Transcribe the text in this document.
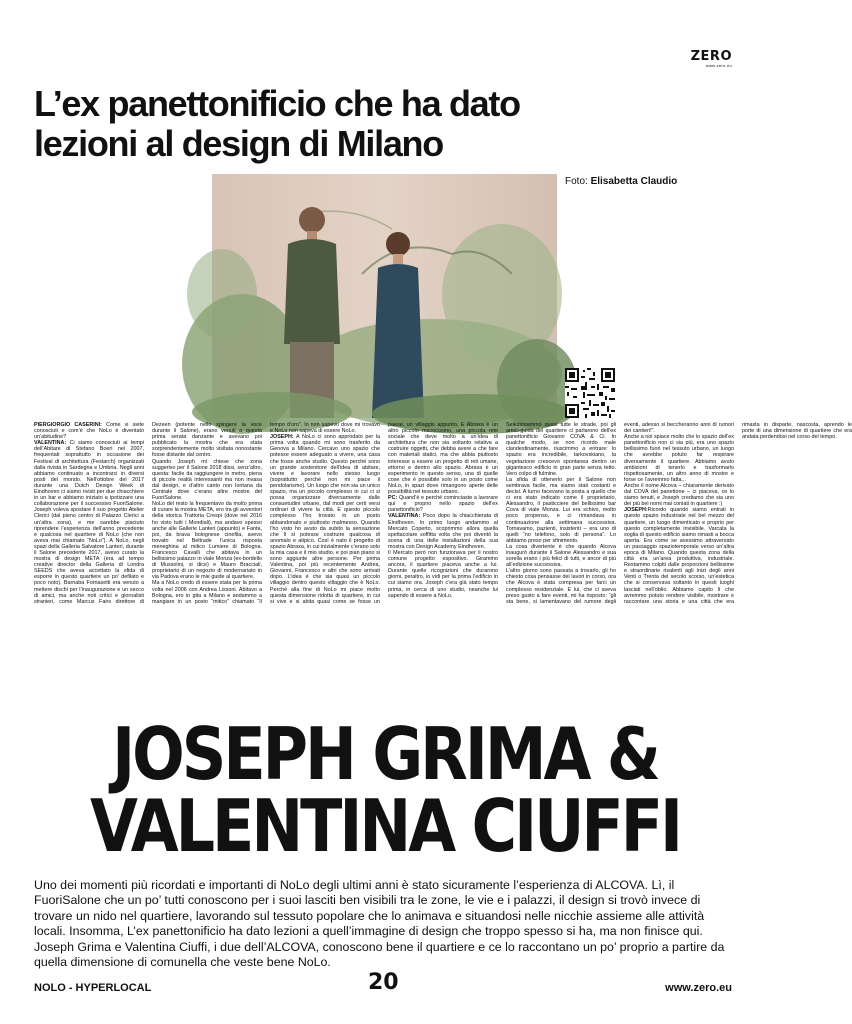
ZERO
www.zero.eu
L’ex panettonificio che ha dato
lezioni al design di Milano
Foto: Elisabetta Claudio

PIERGIORGIO CASERINI: Come vi siete conosciuti e com’è che NoLo è diventato un’abitudine?

VALENTINA: Ci siamo conosciuti ai tempi dell’Abitare di Stefano Boeri nel 2007, frequentati soprattutto in occasione dei Festival di architettura (Festarch) organizzati dalla rivista in Sardegna e Umbria. Negli anni abbiamo continuato a incontrarci in diversi posti del mondo. Nell’ottobre del 2017 durante una Dutch Design Week di Eindhoven ci siamo rivisti per due chiacchiere in un bar e abbiamo iniziato a ipotizzare una collaborazione per il successivo FuoriSalone. Joseph voleva spostare il suo progetto Atelier Clerici (dal pieno centro di Palazzo Clerici a un’altra zona), e me sarebbe piaciuto riprendere l’esperienza dell’anno precedente e qualcosa nel quartiere di NoLo (che non aveva mai chiamato “NoLo”). A NoLo, negli spazi della Galleria Salvatore Lanteri, durante il Salone precedente 2017, avevo curato la mostra di design META (era ad tempo creative director della Galleria di Londra SEEDS che aveva accettato la sfida di esporre in questo quartiere un po’ defilato e poco noto). Barnaba Fornasetti era venuto a mettere dischi per l’inaugurazione e un secco di amici, ma anche noti critici e giornalisti stranieri, come Marcus Fairs direttore di Dezeen (potente nello spingere la voce durante il Salone), erano venuti a questa prima serata danzante e avevano poi pubblicato la mostra che era stata sorprendentemente molto visitata nonostante fosse distante dal centro.

Quando Joseph mi chiese che zona suggerivo per il Salone 2018 dissi, senz’altro, questa: facile da raggiungere in metro, piena di piccole realtà interessanti ma non invasa dal design, e d’altro canto non lontana da Centrale dove c’erano altre mostre del FuoriSalone.

NoLo del resto la frequentavo da molto prima di curare la mostra META, ero tra gli avventori della storica Trattoria Crespi (dove nel 2016 ho visto tutti i Mondiali), ma andavo spesso anche alle Gallerie Lanteri (appunto) e Fanta, poi, da brava bolognese cinefila, avevo trovato nel Beltrade l’unica risposta meneghina al mitico Lumiere di Bologna. Francesco Cavalli che abitava in un bellissimo palazzo in viale Monza (ex-bordello di Mussolini, si dice) e Mauro Bracciali, proprietario di un negozio di modernariato in via Padova erano le mie guide al quartiere.

Ma a NoLo credo di essere stata per la prima volta nel 2006 con Andrea Lissoni. Abitavo a Bologna, ero in gita a Milano e andammo a mangiare in un posto “mitico” chiamato “Il tempo d’oro”. Io non sapevo dove mi trovavo e NoLo non sapeva di essere NoLo.

JOSEPH: A NoLo ci sono approdato per la prima volta quando mi sono trasferito da Genova a Milano. Cercavo uno spazio che potesse essere adeguato a vivere, una casa che fosse anche studio. Questo perché sono un grande sostenitore dell’idea di abitare, vivere e lavorare nello stesso luogo (soprattutto perché non mi piace il pendolarismo). Un luogo che non sia un unico spazio, ma un piccolo complesso in cui ci si possa organizzare diversamente dalle consuetudini urbane, dal modi per certi versi ordinari di vivere la città. E questo piccolo complesso l’ho trovato in un posto abbandonato e piuttosto malmesso. Quando l’ho visto ho avuto da subito la sensazione che lì si potesse costruire qualcosa di anomalo e atipico. Così è nato il progetto di spazio Abraxa, in cui inizialmente c’erano solo la mia casa e il mio studio, e poi pian piano si sono aggiunte altre persone. Per prima Valentina, poi più recentemente Andrea, Giovanni, Francesco e altri che sono arrivati dopo. L’idea è che sia quasi un piccolo villaggio dentro questo villaggio che è NoLo. Perché alla fine di NoLo mi piace molto questa dimensione ridotta di quartiere, in cui si vive e si abita quasi come se fosse un paese, un villaggio appunto. E Abraxa è un altro piccolo microcosmo, una piccola rete sociale che deve molto a un’idea di architettura che non sia soltanto relativa a costruire oggetti, che debba avere a che fare con materiali statici, ma che abbia piuttosto interesse a essere un progetto di reti umane, ettorno e dentro allo spazio. Abraxa è un esperimento in questo senso, una di quelle cose che è possibile solo in un posto come NoLo, in spazi dove rimangono aperte delle possibilità nel tessuto urbano.

PC: Quand’è e perché cominciaste a lavorare qui e proprio nello spazio dell’ex panettonificio?

VALENTINA: Poco dopo la chiacchierata di Eindhoven. In primo luogo andammo al Mercato Coperto, scoprimmo allora quella spettacolare soffitta volta che poi diventò la scena di una delle installazioni della sua mostra con Design Academy Eindhoven.

Il Mercato però non funzionava per il nostro comune progetto espositivo. Girammo ancora, il quartiere piaceva anche a lui. Durante quelle ricognizioni che durarono giorni, peraltro, io vidi per la prima l’edificio in cui siamo ora. Joseph c’era già stato tempo prima, in cerca di uno studio, neanche lui sapendo di essere a NoLo.

Selezionammo quasi tutte le strade, poi gli amici-guida del quartiere ci parlarono dell’ex panettonificio Giovanni COVA & Ci. In qualche modo, se non ricordo male clandestinamente, riuscimmo a entrare: lo spazio era incredibile, tarkovskiano, la vegetazione crescevo spontanea dentro un gigantesco edificio in gran parte senza tetto. Vero colpo di fulmine.

La sfida di ottenerlo per il Salone non sembrava facile, ma siamo stati costanti e decisi. A turno facevano la posta a quello che ci era stato indicato come il proprietario, Alessandro, il pasticciere del bellissimo bar Cova di viale Monza. Lui era schivo, molto poco propenso, e ci rimandava in continuazione alla settimana successiva. Tornavamo, pazienti, insistenti – era uno di quelli “no telefono, solo di persona”. Lo abbiamo preso per sfinimento.

La cosa divertente è che quando Alcova inaugurò durante il Salone Alessandro e sua sorella erano i più felici di tutti, e ancor di più all’edizione successiva.

L’altro giorno sono passata a trovarlo, gli ho chiesto cosa pensasse dei lavori in corso, ora che Alcova è stata compresa per farci un complesso residenziale. E lui, che ci aveva preso gusto a fare eventi, mi ha risposto: “gli sta bene, si lamentavano del rumore degli eventi, adesso si beccheranno anni di rumori dei cantieri!”.

Anche a noi spiace molto che lo spazio dell’ex panettonificio non ci sia più, era uno spazio bellissimo fuori nel tessuto urbano, un luogo che avrebbe potuto far respirare diversamente il quartiere. Abbiamo avuto ambizioni di tenerlo e trasformarlo rispettosamente, un altro anno di mostre e forse ce l’avremmo fatta...

Anche il nome Alcova – chiaramente derivato dal COVA del panettone – ci piaceva, ce lo siamo tenuti, e Joseph crediamo che sia uno dei più bei nomi mai coniati in quartiere :)

JOSEPH:Ricordo quando siamo entrati in questo spazio industriale nel bel mezzo del quartiere, un luogo dimenticato e proprio per questo completamente invisibile. Varcata la soglia di questo edificio siamo rimasti a bocca aperta. Era come se avessimo attraversato un passaggio spaziotemporale verso un’altra epoca di Milano. Quando questa zona della città era un’area produttiva, industriale. Restammo colpiti dalle proporzioni bellissime e straordinarie risalenti agli inizi degli anni Venti o Trenta del secolo scorso, un’estetica che si conservava soltanto in questi luoghi lasciati nell’oblio. Abbiamo capito lì che avremmo potuto rendere visibile, mostrare e raccontare una storia e una città che era rimasta in disparte, nascosta, aprendo le porte di una dimensione di quartiere che era andata perdendosi nel corso del tempo.

JOSEPH GRIMA &
VALENTINA CIUFFI

Uno dei momenti più ricordati e importanti di NoLo degli ultimi anni è stato sicuramente l’esperienza di ALCOVA. Lì, il FuoriSalone che un po’ tutti conoscono per i suoi lasciti ben visibili tra le zone, le vie e i palazzi, il design si trovò invece di trovare un nido nel quartiere, lavorando sul tessuto popolare che lo animava e situandosi nelle nicchie assieme alle attività locali. Insomma, L’ex panettonificio ha dato lezioni a quell’immagine di design che troppo spesso si ha, ma non finisce qui. Joseph Grima e Valentina Ciuffi, i due dell’ALCOVA, conoscono bene il quartiere e ce lo raccontano un po’ proprio a partire da quella dimensione di comunella che veste bene NoLo.

NOLO - HYPERLOCAL	20	www.zero.eu
